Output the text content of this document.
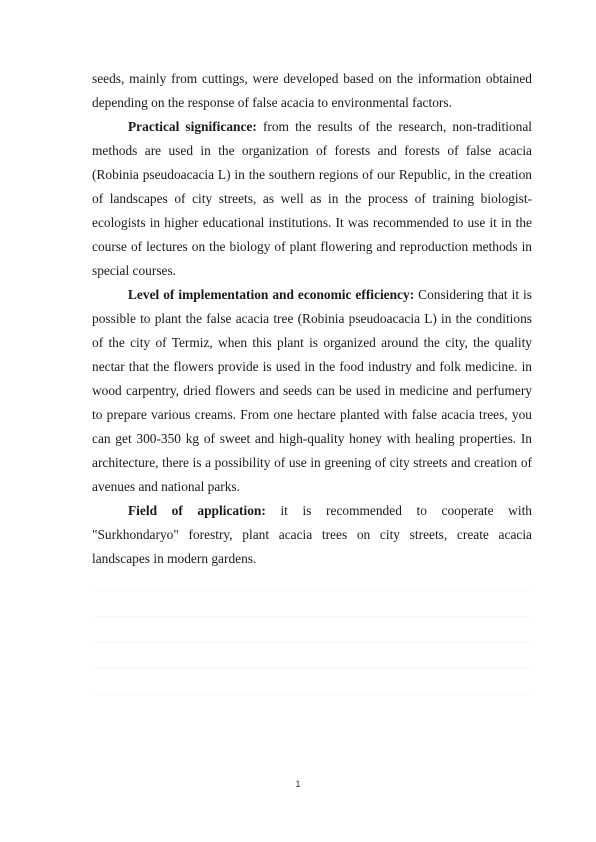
seeds, mainly from cuttings, were developed based on the information obtained depending on the response of false acacia to environmental factors.

Practical significance: from the results of the research, non-traditional methods are used in the organization of forests and forests of false acacia (Robinia pseudoacacia L) in the southern regions of our Republic, in the creation of landscapes of city streets, as well as in the process of training biologist-ecologists in higher educational institutions. It was recommended to use it in the course of lectures on the biology of plant flowering and reproduction methods in special courses.

Level of implementation and economic efficiency: Considering that it is possible to plant the false acacia tree (Robinia pseudoacacia L) in the conditions of the city of Termiz, when this plant is organized around the city, the quality nectar that the flowers provide is used in the food industry and folk medicine. in wood carpentry, dried flowers and seeds can be used in medicine and perfumery to prepare various creams. From one hectare planted with false acacia trees, you can get 300-350 kg of sweet and high-quality honey with healing properties. In architecture, there is a possibility of use in greening of city streets and creation of avenues and national parks.

Field of application: it is recommended to cooperate with "Surkhondaryo" forestry, plant acacia trees on city streets, create acacia landscapes in modern gardens.

1
